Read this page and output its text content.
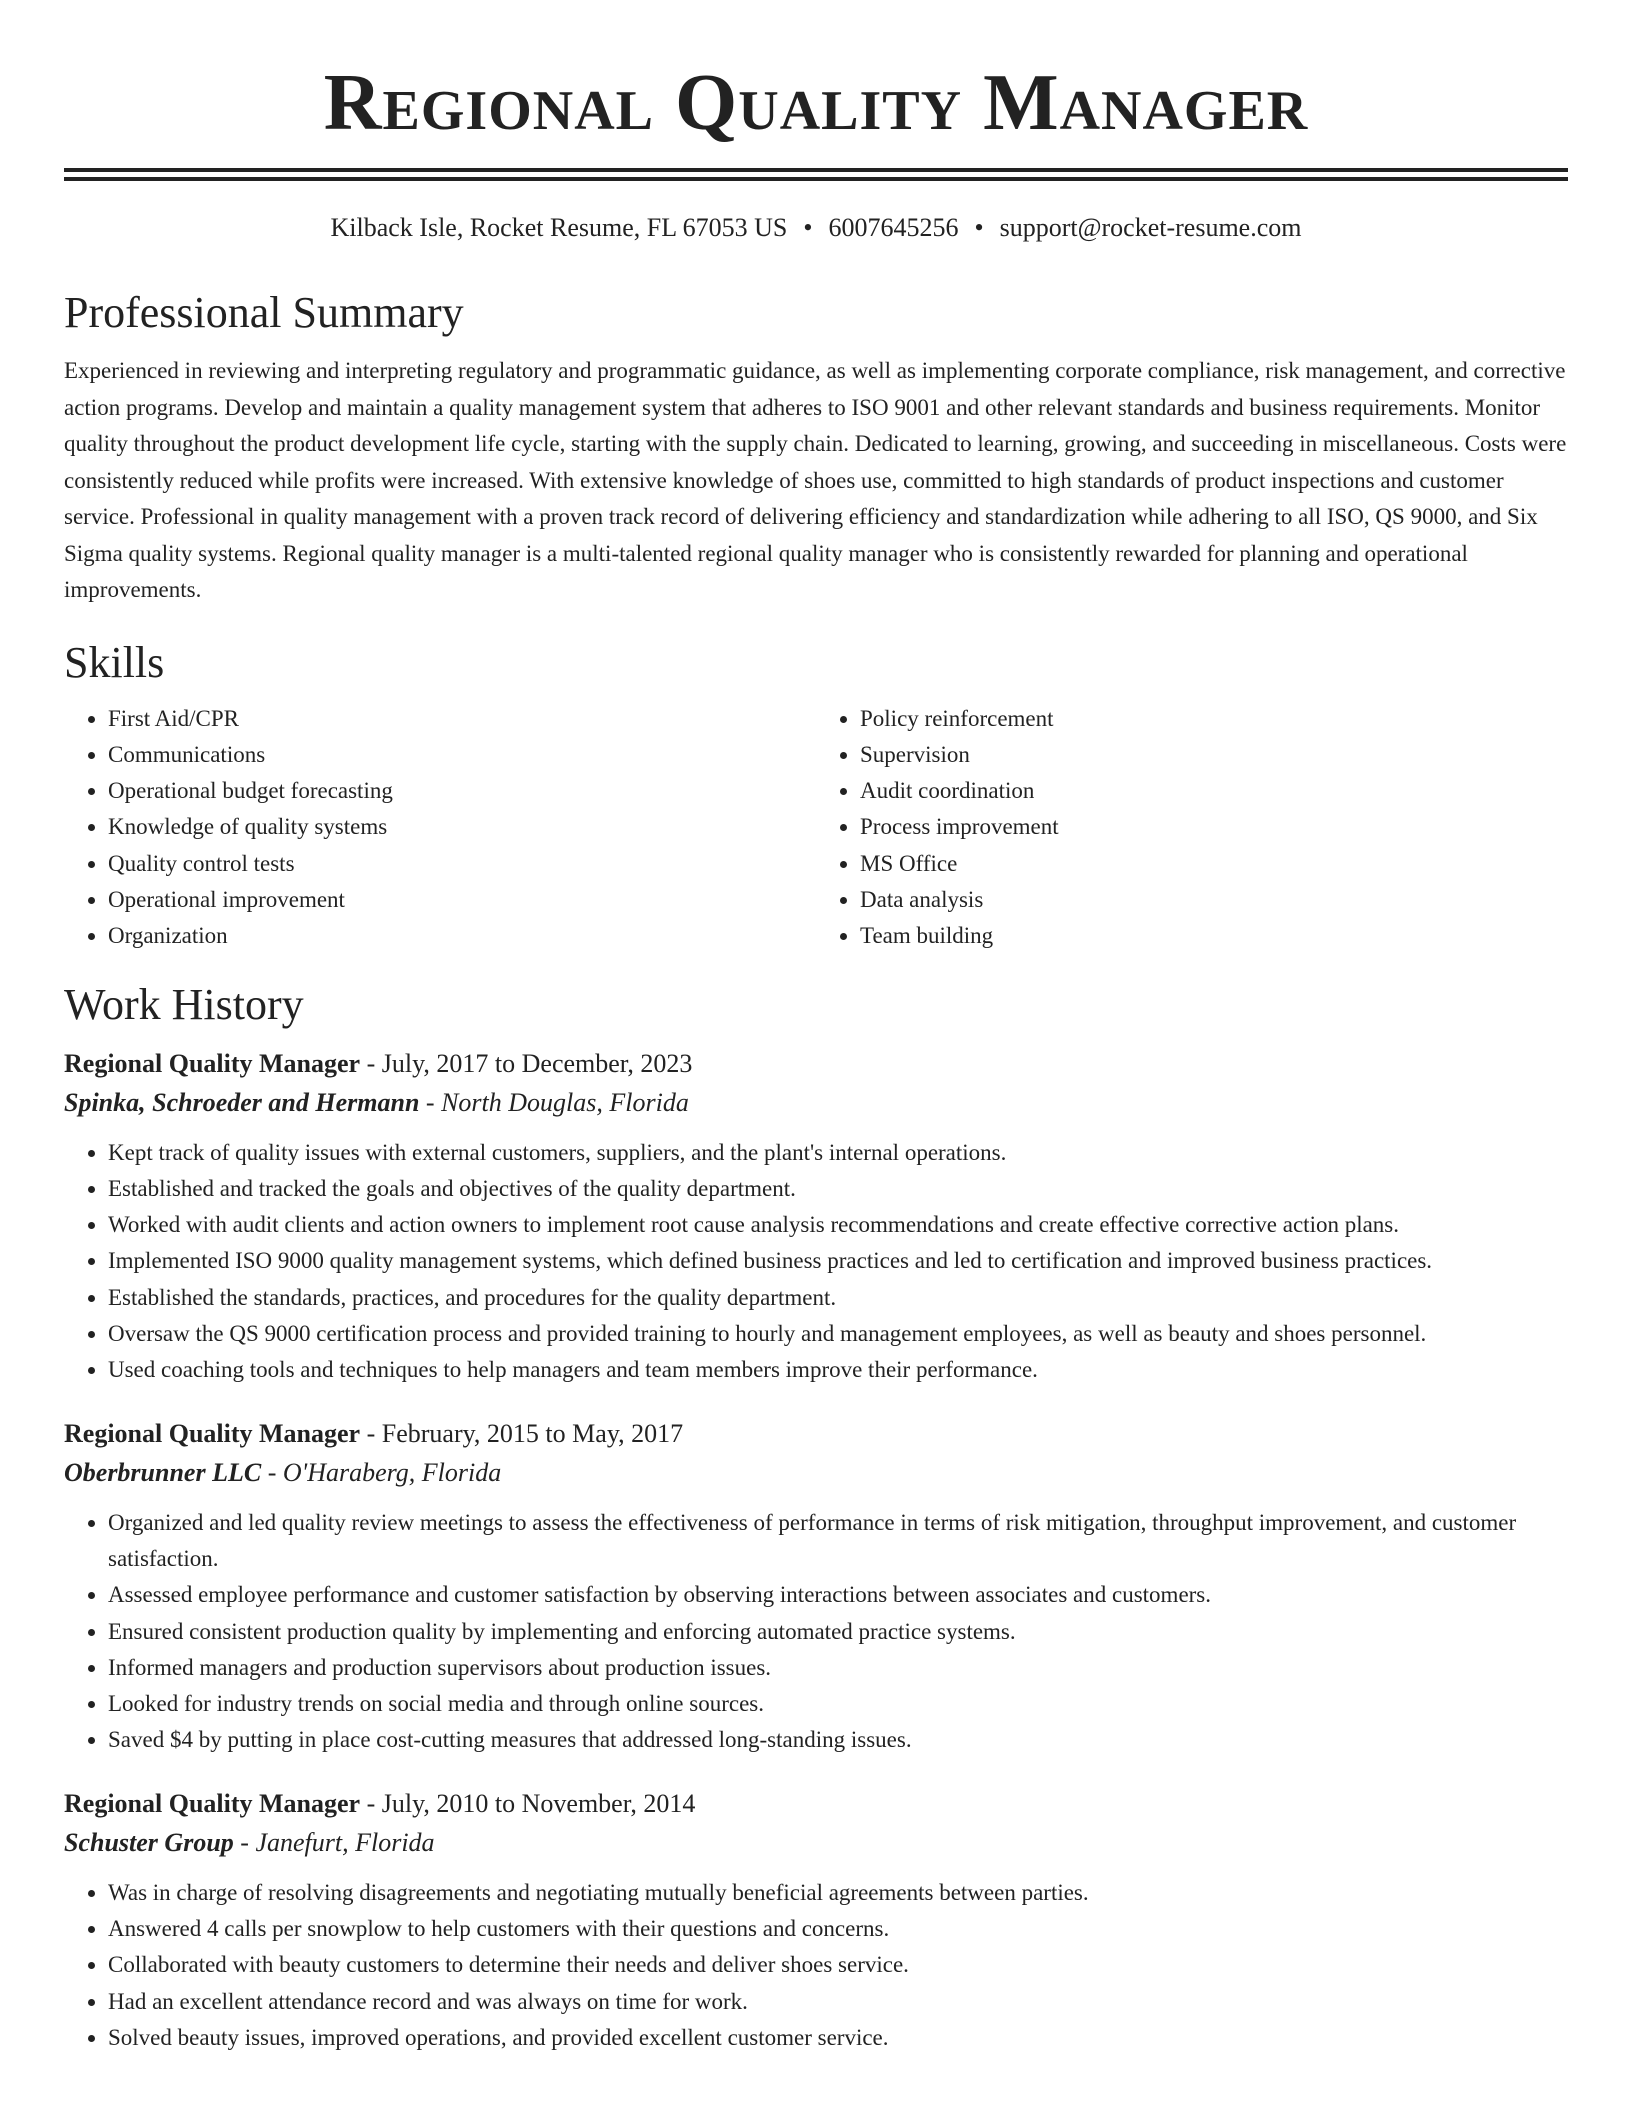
Regional Quality Manager
Kilback Isle, Rocket Resume, FL 67053 US • 6007645256 • support@rocket-resume.com
Professional Summary

Experienced in reviewing and interpreting regulatory and programmatic guidance, as well as implementing corporate compliance, risk management, and corrective action programs. Develop and maintain a quality management system that adheres to ISO 9001 and other relevant standards and business requirements. Monitor quality throughout the product development life cycle, starting with the supply chain. Dedicated to learning, growing, and succeeding in miscellaneous. Costs were consistently reduced while profits were increased. With extensive knowledge of shoes use, committed to high standards of product inspections and customer service. Professional in quality management with a proven track record of delivering efficiency and standardization while adhering to all ISO, QS 9000, and Six Sigma quality systems. Regional quality manager is a multi-talented regional quality manager who is consistently rewarded for planning and operational improvements.

Skills
• First Aid/CPR
• Communications
• Operational budget forecasting
• Knowledge of quality systems
• Quality control tests
• Operational improvement
• Organization
• Policy reinforcement
• Supervision
• Audit coordination
• Process improvement
• MS Office
• Data analysis
• Team building
Work History
Regional Quality Manager - July, 2017 to December, 2023
Spinka, Schroeder and Hermann - North Douglas, Florida
• Kept track of quality issues with external customers, suppliers, and the plant's internal operations.
• Established and tracked the goals and objectives of the quality department.
• Worked with audit clients and action owners to implement root cause analysis recommendations and create effective corrective action plans.
• Implemented ISO 9000 quality management systems, which defined business practices and led to certification and improved business practices.
• Established the standards, practices, and procedures for the quality department.
• Oversaw the QS 9000 certification process and provided training to hourly and management employees, as well as beauty and shoes personnel.
• Used coaching tools and techniques to help managers and team members improve their performance.
Regional Quality Manager - February, 2015 to May, 2017
Oberbrunner LLC - O'Haraberg, Florida
• Organized and led quality review meetings to assess the effectiveness of performance in terms of risk mitigation, throughput improvement, and customer satisfaction.
• Assessed employee performance and customer satisfaction by observing interactions between associates and customers.
• Ensured consistent production quality by implementing and enforcing automated practice systems.
• Informed managers and production supervisors about production issues.
• Looked for industry trends on social media and through online sources.
• Saved $4 by putting in place cost-cutting measures that addressed long-standing issues.
Regional Quality Manager - July, 2010 to November, 2014
Schuster Group - Janefurt, Florida
• Was in charge of resolving disagreements and negotiating mutually beneficial agreements between parties.
• Answered 4 calls per snowplow to help customers with their questions and concerns.
• Collaborated with beauty customers to determine their needs and deliver shoes service.
• Had an excellent attendance record and was always on time for work.
• Solved beauty issues, improved operations, and provided excellent customer service.
